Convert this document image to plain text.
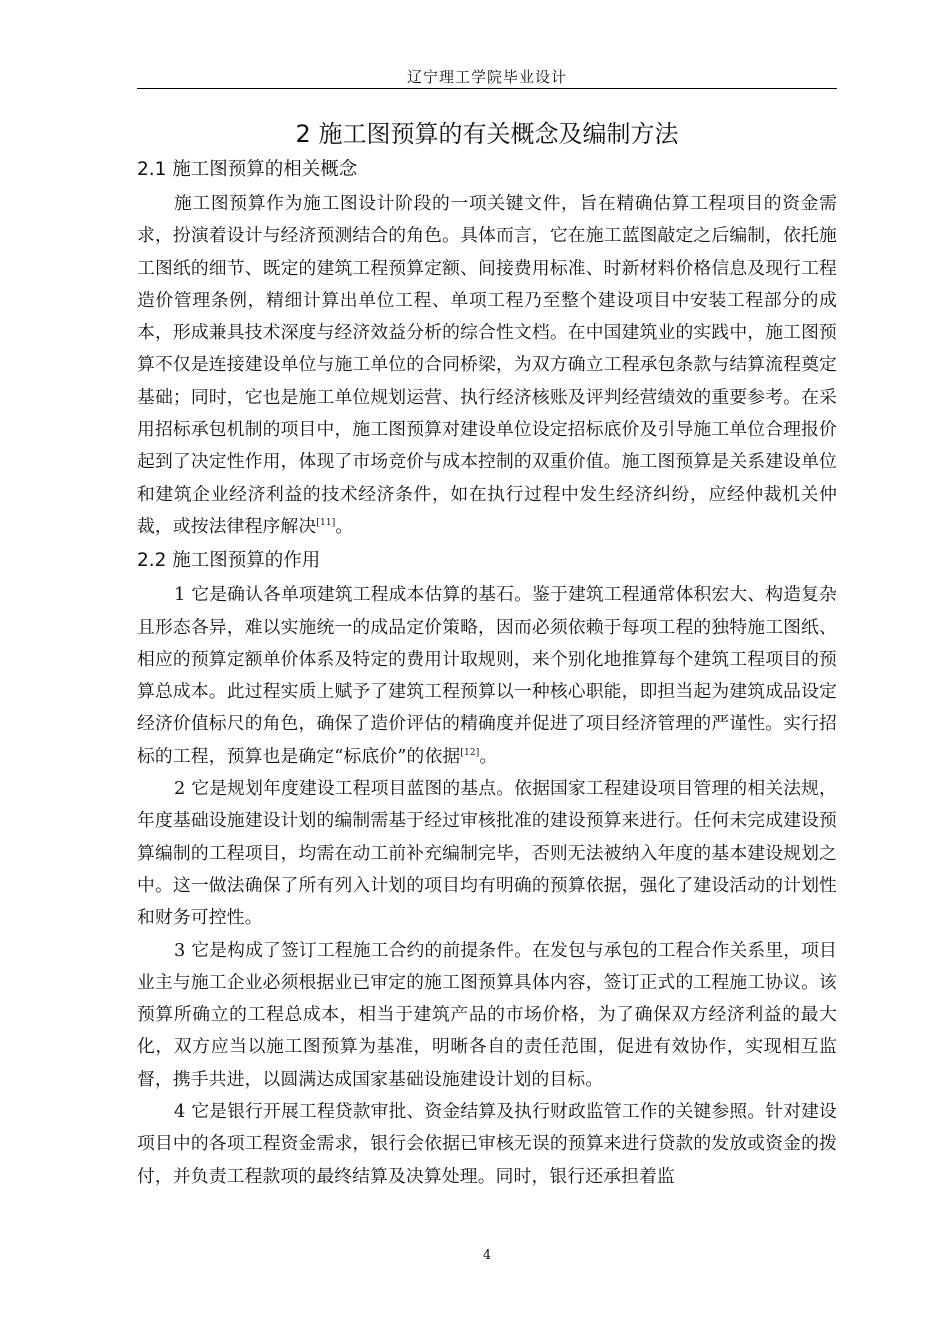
辽宁理工学院毕业设计
2 施工图预算的有关概念及编制方法
2.1 施工图预算的相关概念

施工图预算作为施工图设计阶段的一项关键文件，旨在精确估算工程项目的资金需求，扮演着设计与经济预测结合的角色。具体而言，它在施工蓝图敲定之后编制，依托施工图纸的细节、既定的建筑工程预算定额、间接费用标准、时新材料价格信息及现行工程造价管理条例，精细计算出单位工程、单项工程乃至整个建设项目中安装工程部分的成本，形成兼具技术深度与经济效益分析的综合性文档。在中国建筑业的实践中，施工图预算不仅是连接建设单位与施工单位的合同桥梁，为双方确立工程承包条款与结算流程奠定基础；同时，它也是施工单位规划运营、执行经济核账及评判经营绩效的重要参考。在采用招标承包机制的项目中，施工图预算对建设单位设定招标底价及引导施工单位合理报价起到了决定性作用，体现了市场竞价与成本控制的双重价值。施工图预算是关系建设单位和建筑企业经济利益的技术经济条件，如在执行过程中发生经济纠纷，应经仲裁机关仲裁，或按法律程序解决[11]。

2.2 施工图预算的作用

1 它是确认各单项建筑工程成本估算的基石。鉴于建筑工程通常体积宏大、构造复杂且形态各异，难以实施统一的成品定价策略，因而必须依赖于每项工程的独特施工图纸、相应的预算定额单价体系及特定的费用计取规则，来个别化地推算每个建筑工程项目的预算总成本。此过程实质上赋予了建筑工程预算以一种核心职能，即担当起为建筑成品设定经济价值标尺的角色，确保了造价评估的精确度并促进了项目经济管理的严谨性。实行招标的工程，预算也是确定“标底价”的依据[12]。

2 它是规划年度建设工程项目蓝图的基点。依据国家工程建设项目管理的相关法规，年度基础设施建设计划的编制需基于经过审核批准的建设预算来进行。任何未完成建设预算编制的工程项目，均需在动工前补充编制完毕，否则无法被纳入年度的基本建设规划之中。这一做法确保了所有列入计划的项目均有明确的预算依据，强化了建设活动的计划性和财务可控性。

3 它是构成了签订工程施工合约的前提条件。在发包与承包的工程合作关系里，项目业主与施工企业必须根据业已审定的施工图预算具体内容，签订正式的工程施工协议。该预算所确立的工程总成本，相当于建筑产品的市场价格，为了确保双方经济利益的最大化，双方应当以施工图预算为基准，明晰各自的责任范围，促进有效协作，实现相互监督，携手共进，以圆满达成国家基础设施建设计划的目标。

4 它是银行开展工程贷款审批、资金结算及执行财政监管工作的关键参照。针对建设项目中的各项工程资金需求，银行会依据已审核无误的预算来进行贷款的发放或资金的拨付，并负责工程款项的最终结算及决算处理。同时，银行还承担着监

4
